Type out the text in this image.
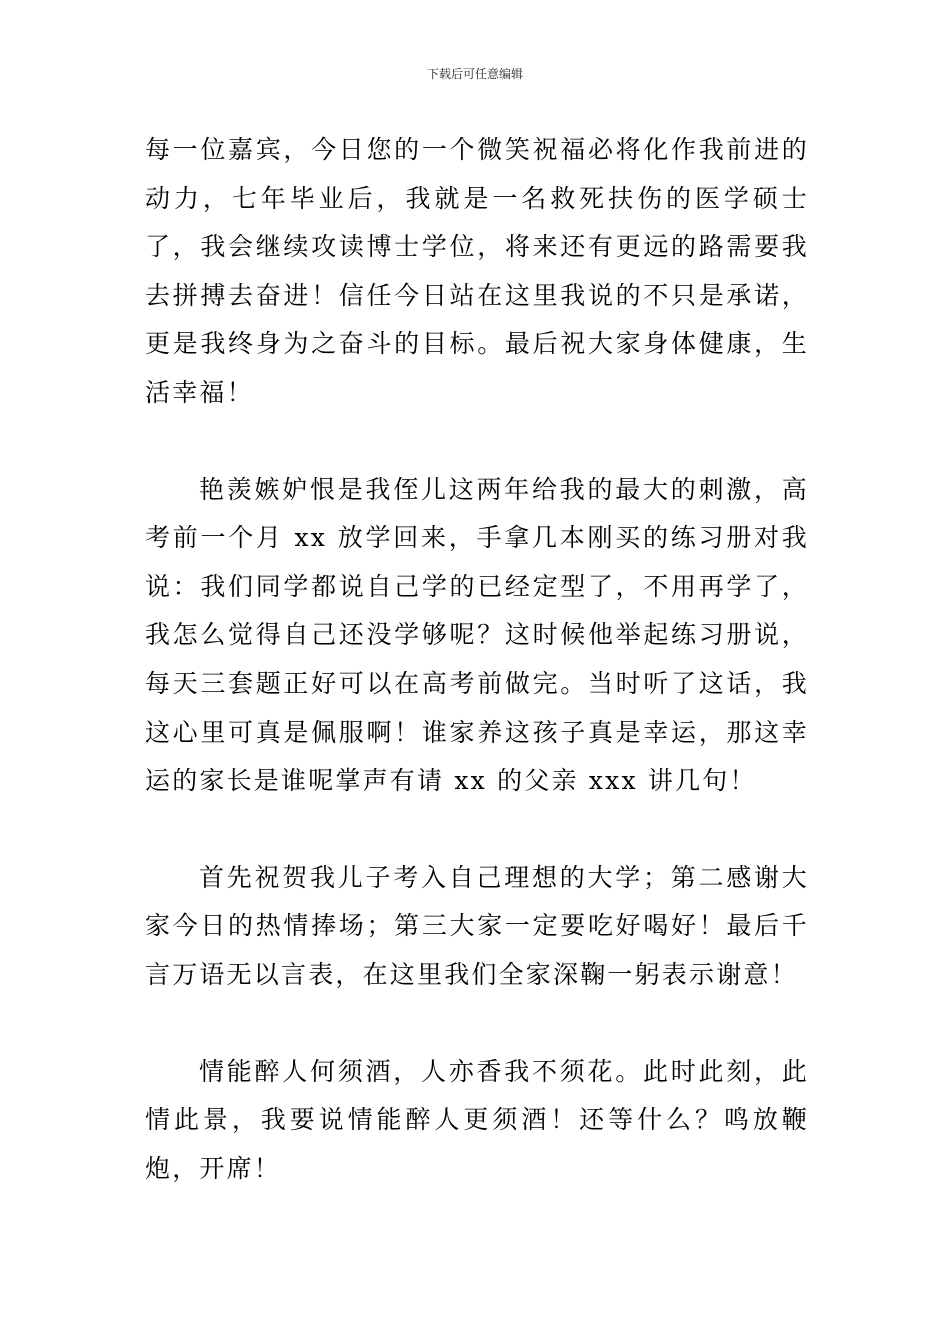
下载后可任意编辑

每一位嘉宾，今日您的一个微笑祝福必将化作我前进的动力，七年毕业后，我就是一名救死扶伤的医学硕士了，我会继续攻读博士学位，将来还有更远的路需要我去拼搏去奋进！信任今日站在这里我说的不只是承诺，更是我终身为之奋斗的目标。最后祝大家身体健康，生活幸福！

艳羡嫉妒恨是我侄儿这两年给我的最大的刺激，高考前一个月 xx 放学回来，手拿几本刚买的练习册对我说：我们同学都说自己学的已经定型了，不用再学了，我怎么觉得自己还没学够呢？这时候他举起练习册说，每天三套题正好可以在高考前做完。当时听了这话，我这心里可真是佩服啊！谁家养这孩子真是幸运，那这幸运的家长是谁呢掌声有请 xx 的父亲 xxx 讲几句！

首先祝贺我儿子考入自己理想的大学；第二感谢大家今日的热情捧场；第三大家一定要吃好喝好！最后千言万语无以言表，在这里我们全家深鞠一躬表示谢意！

情能醉人何须酒，人亦香我不须花。此时此刻，此情此景，我要说情能醉人更须酒！还等什么？鸣放鞭炮，开席！
